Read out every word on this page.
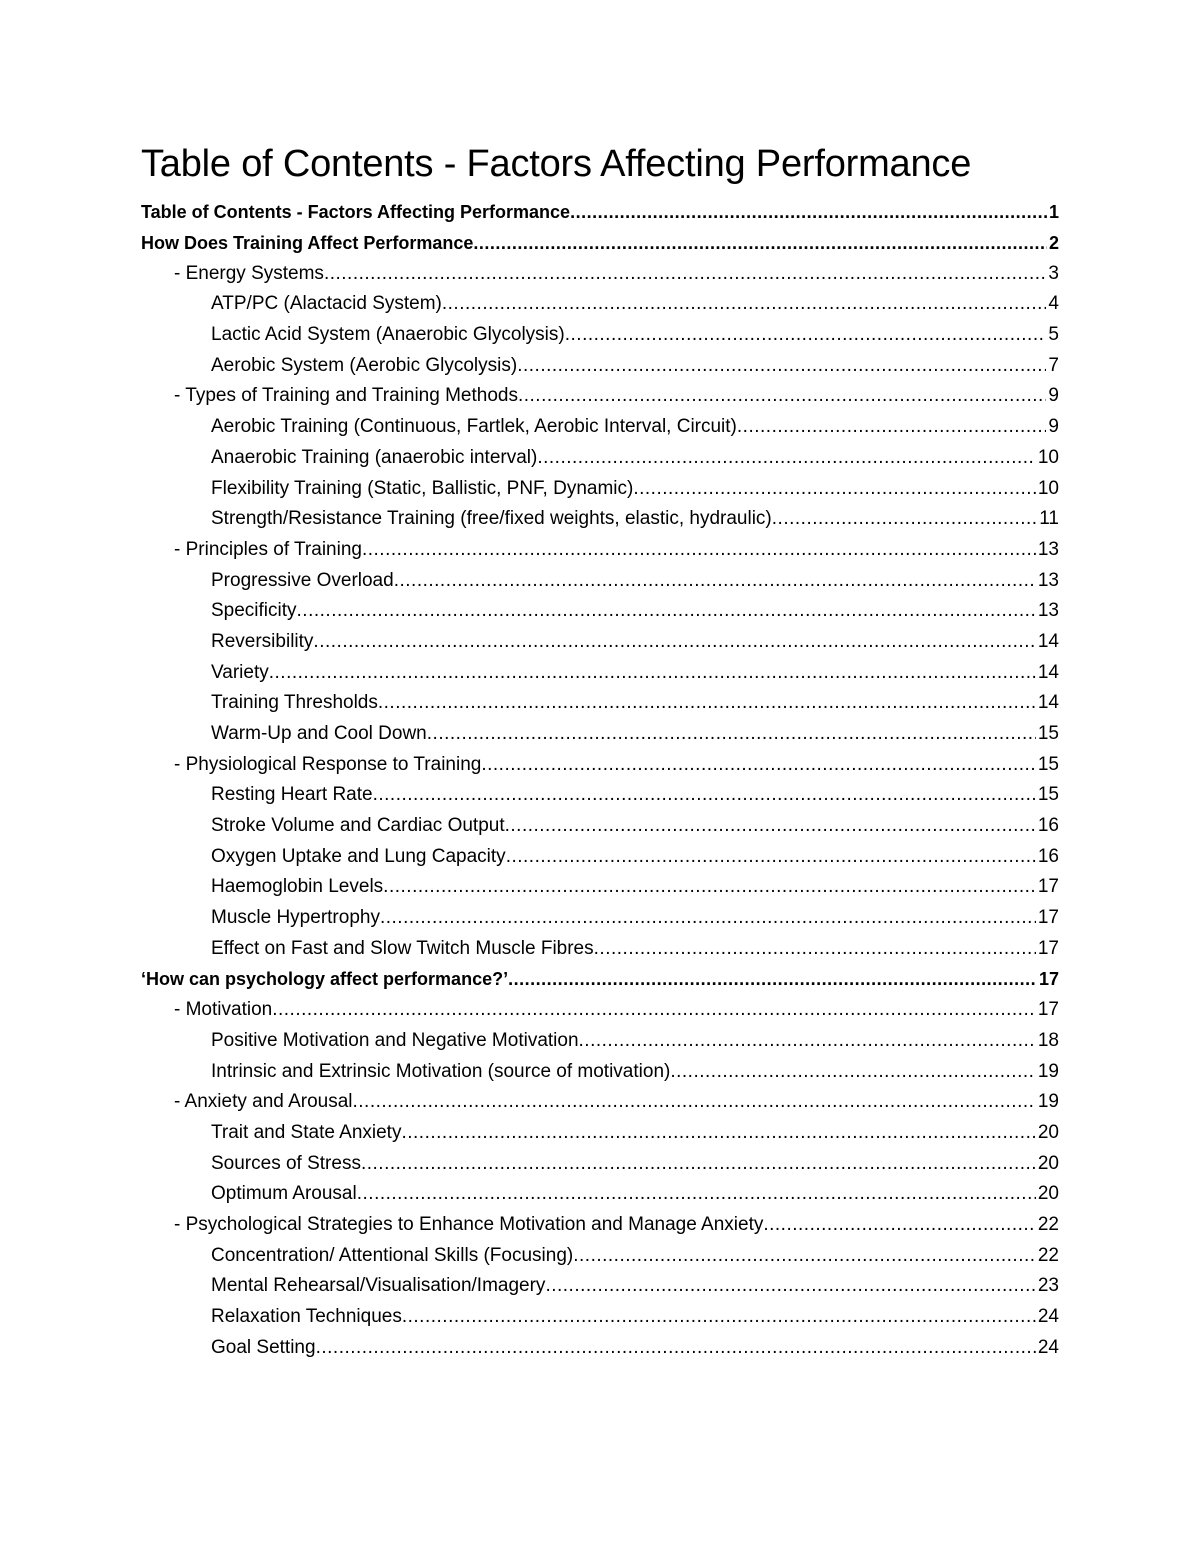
Table of Contents - Factors Affecting Performance
Table of Contents - Factors Affecting Performance .....	1
How Does Training Affect Performance .....	2
- Energy Systems .....	3
ATP/PC (Alactacid System) .....	4
Lactic Acid System (Anaerobic Glycolysis) .....	5
Aerobic System (Aerobic Glycolysis) .....	7
- Types of Training and Training Methods .....	9
Aerobic Training (Continuous, Fartlek, Aerobic Interval, Circuit) .....	9
Anaerobic Training (anaerobic interval) .....	10
Flexibility Training (Static, Ballistic, PNF, Dynamic) .....	10
Strength/Resistance Training (free/fixed weights, elastic, hydraulic) .....	11
- Principles of Training .....	13
Progressive Overload .....	13
Specificity .....	13
Reversibility .....	14
Variety .....	14
Training Thresholds .....	14
Warm-Up and Cool Down .....	15
- Physiological Response to Training .....	15
Resting Heart Rate .....	15
Stroke Volume and Cardiac Output .....	16
Oxygen Uptake and Lung Capacity .....	16
Haemoglobin Levels .....	17
Muscle Hypertrophy .....	17
Effect on Fast and Slow Twitch Muscle Fibres .....	17
‘How can psychology affect performance?’ .....	17
- Motivation .....	17
Positive Motivation and Negative Motivation .....	18
Intrinsic and Extrinsic Motivation (source of motivation) .....	19
- Anxiety and Arousal .....	19
Trait and State Anxiety .....	20
Sources of Stress .....	20
Optimum Arousal .....	20
- Psychological Strategies to Enhance Motivation and Manage Anxiety .....	22
Concentration/ Attentional Skills (Focusing) .....	22
Mental Rehearsal/Visualisation/Imagery .....	23
Relaxation Techniques .....	24
Goal Setting .....	24
